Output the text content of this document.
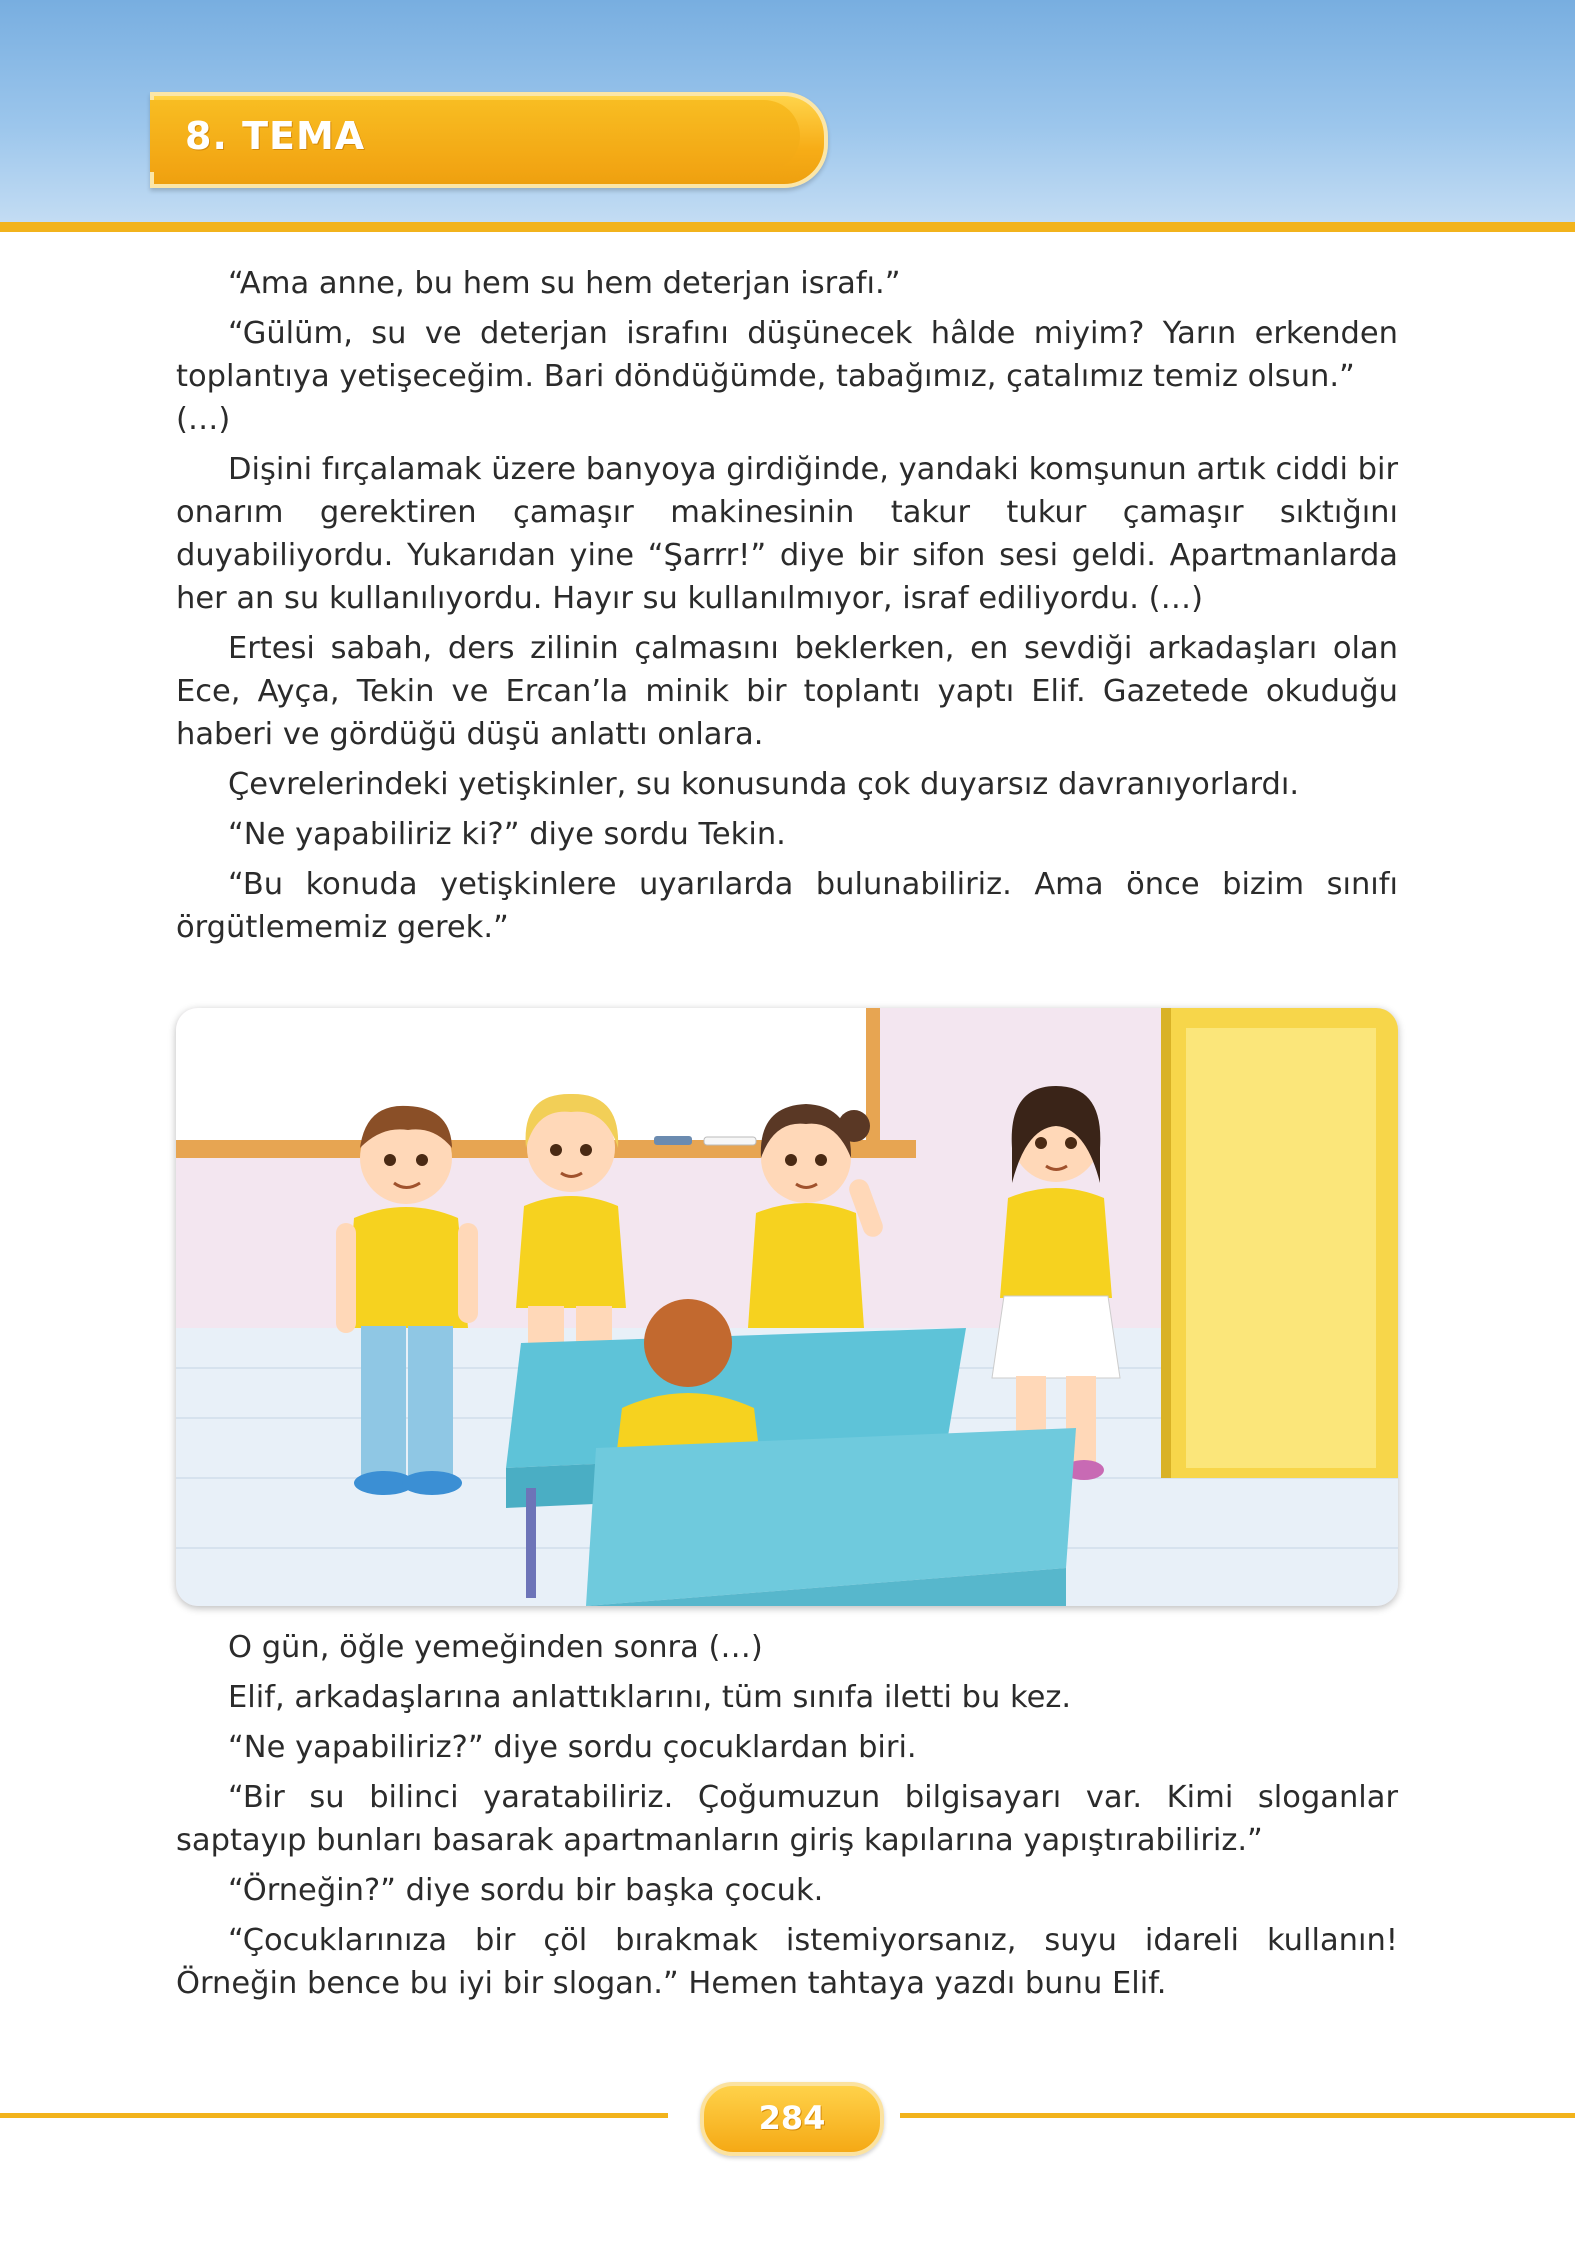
8. TEMA

“Ama anne, bu hem su hem deterjan israfı.”

“Gülüm, su ve deterjan israfını düşünecek hâlde miyim? Yarın erkenden toplantıya yetişeceğim. Bari döndüğümde, tabağımız, çatalımız temiz olsun.”

(…)

Dişini fırçalamak üzere banyoya girdiğinde, yandaki komşunun artık ciddi bir onarım gerektiren çamaşır makinesinin takur tukur çamaşır sıktığını duyabiliyordu. Yukarıdan yine “Şarrr!” diye bir sifon sesi geldi. Apartmanlarda her an su kullanılıyordu. Hayır su kullanılmıyor, israf ediliyordu. (…)

Ertesi sabah, ders zilinin çalmasını beklerken, en sevdiği arkadaşları olan Ece, Ayça, Tekin ve Ercan’la minik bir toplantı yaptı Elif. Gazetede okuduğu haberi ve gördüğü düşü anlattı onlara.

Çevrelerindeki yetişkinler, su konusunda çok duyarsız davranıyorlardı.

“Ne yapabiliriz ki?” diye sordu Tekin.

“Bu konuda yetişkinlere uyarılarda bulunabiliriz. Ama önce bizim sınıfı örgütlememiz gerek.”

O gün, öğle yemeğinden sonra (…)

Elif, arkadaşlarına anlattıklarını, tüm sınıfa iletti bu kez.

“Ne yapabiliriz?” diye sordu çocuklardan biri.

“Bir su bilinci yaratabiliriz. Çoğumuzun bilgisayarı var. Kimi sloganlar saptayıp bunları basarak apartmanların giriş kapılarına yapıştırabiliriz.”

“Örneğin?” diye sordu bir başka çocuk.

“Çocuklarınıza bir çöl bırakmak istemiyorsanız, suyu idareli kullanın! Örneğin bence bu iyi bir slogan.” Hemen tahtaya yazdı bunu Elif.

284
